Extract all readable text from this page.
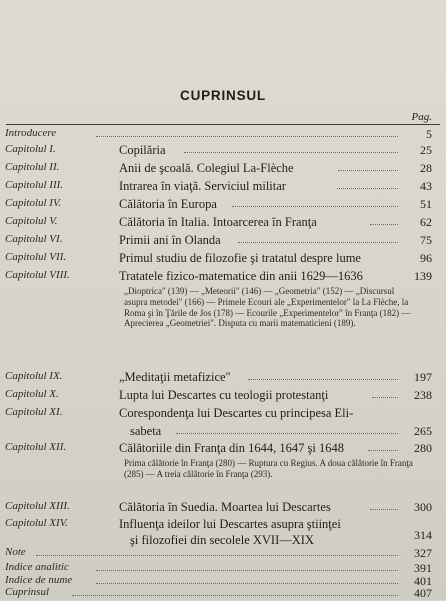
CUPRINSUL
Pag.
Introducere	5
Capitolul I.	Copilăria	25
Capitolul II.	Anii de şcoală. Colegiul La-Flèche	28
Capitolul III.	Intrarea în viaţă. Serviciul militar	43
Capitolul IV.	Călătoria în Europa	51
Capitolul V.	Călătoria în Italia. Intoarcerea în Franţa	62
Capitolul VI.	Primii ani în Olanda	75
Capitolul VII.	Primul studiu de filozofie şi tratatul despre lume	96
Capitolul VIII.	Tratatele fizico-matematice din anii 1629—1636	139
„Dioptrica" (139) — „Meteorii" (146) — „Geometria" (152) — „Discursul asupra metodei" (166) — Primele Ecouri ale „Experimentelor" la La Flèche, la Roma şi în Ţările de Jos (178) — Ecourile „Experimentelor" în Franţa (182) — Aprecierea „Geometriei". Disputa cu marii matematicieni (189).
Capitolul IX.	„Meditaţii metafizice"	197
Capitolul X.	Lupta lui Descartes cu teologii protestanţi	238
Capitolul XI.	Corespondenţa lui Descartes cu principesa Eli-
sabeta	265
Capitolul XII.	Călătoriile din Franţa din 1644, 1647 şi 1648	280
Prima călătorie în Franţa (280) — Ruptura cu Regius. A doua călătorie în Franţa (285) — A treia călătorie în Franţa (293).
Capitolul XIII.	Călătoria în Suedia. Moartea lui Descartes	300
Capitolul XIV.	Influenţa ideilor lui Descartes asupra ştiinţei
şi filozofiei din secolele XVII—XIX	314
Note	327
Indice analitic	391
Indice de nume	401
Cuprinsul	407
